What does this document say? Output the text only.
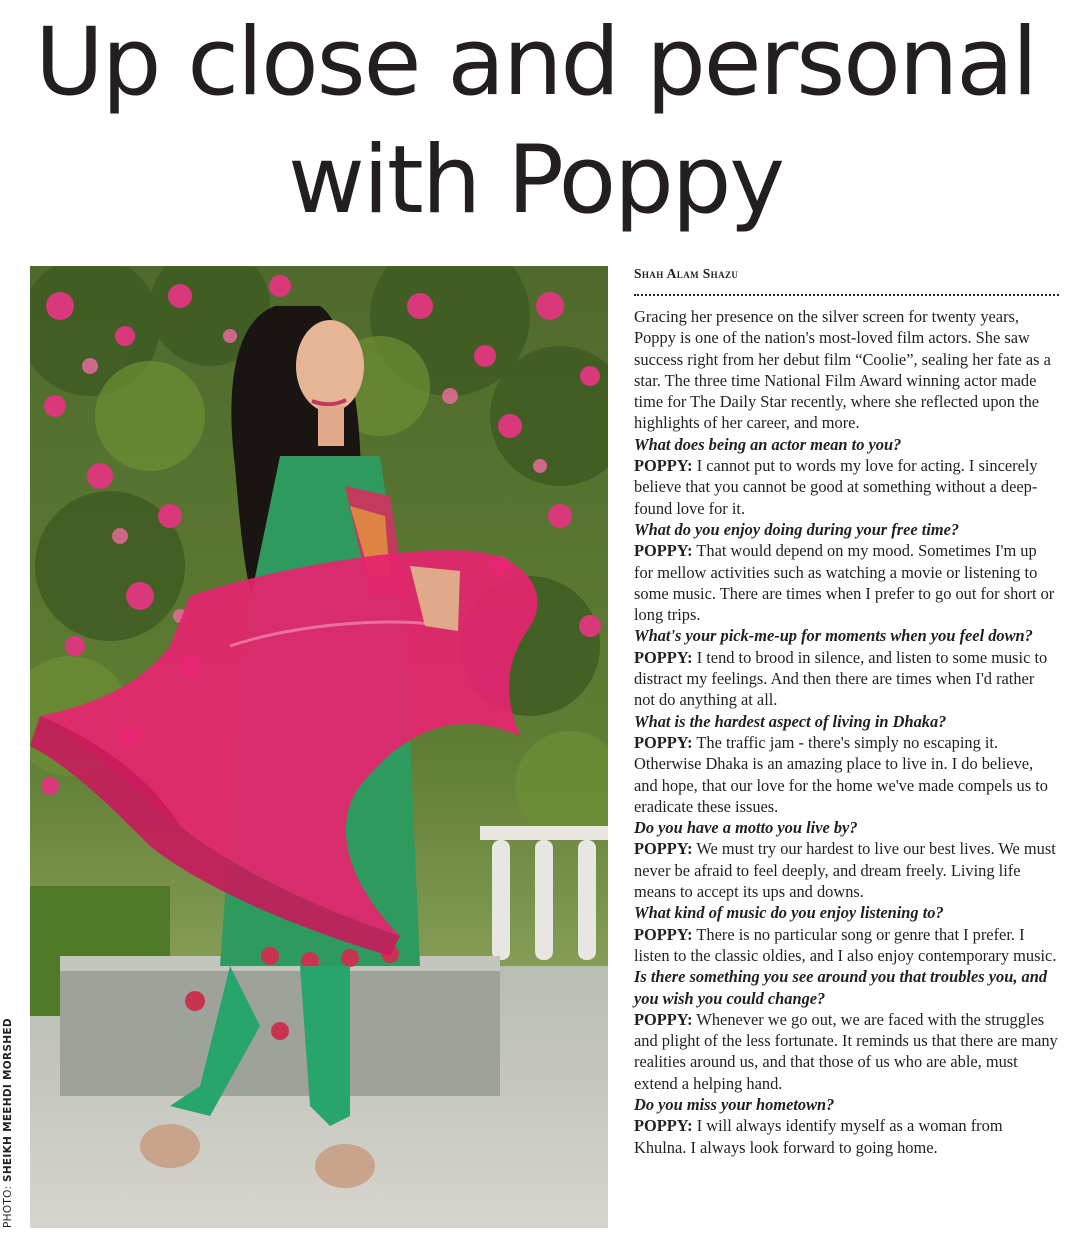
Up close and personal
with Poppy
PHOTO: SHEIKH MEEHDI MORSHED
Shah Alam Shazu

Gracing her presence on the silver screen for twenty years, Poppy is one of the nation's most-loved film actors. She saw success right from her debut film “Coolie”, sealing her fate as a star. The three time National Film Award winning actor made time for The Daily Star recently, where she reflected upon the highlights of her career, and more.

What does being an actor mean to you?

POPPY: I cannot put to words my love for acting. I sincerely believe that you cannot be good at something without a deep-found love for it.

What do you enjoy doing during your free time?

POPPY: That would depend on my mood. Sometimes I'm up for mellow activities such as watching a movie or listening to some music. There are times when I prefer to go out for short or long trips.

What's your pick-me-up for moments when you feel down?

POPPY: I tend to brood in silence, and listen to some music to distract my feelings. And then there are times when I'd rather not do anything at all.

What is the hardest aspect of living in Dhaka?

POPPY: The traffic jam - there's simply no escaping it. Otherwise Dhaka is an amazing place to live in. I do believe, and hope, that our love for the home we've made compels us to eradicate these issues.

Do you have a motto you live by?

POPPY: We must try our hardest to live our best lives. We must never be afraid to feel deeply, and dream freely. Living life means to accept its ups and downs.

What kind of music do you enjoy listening to?

POPPY: There is no particular song or genre that I prefer. I listen to the classic oldies, and I also enjoy contemporary music.

Is there something you see around you that troubles you, and you wish you could change?

POPPY: Whenever we go out, we are faced with the struggles and plight of the less fortunate. It reminds us that there are many realities around us, and that those of us who are able, must extend a helping hand.

Do you miss your hometown?

POPPY: I will always identify myself as a woman from Khulna. I always look forward to going home.
